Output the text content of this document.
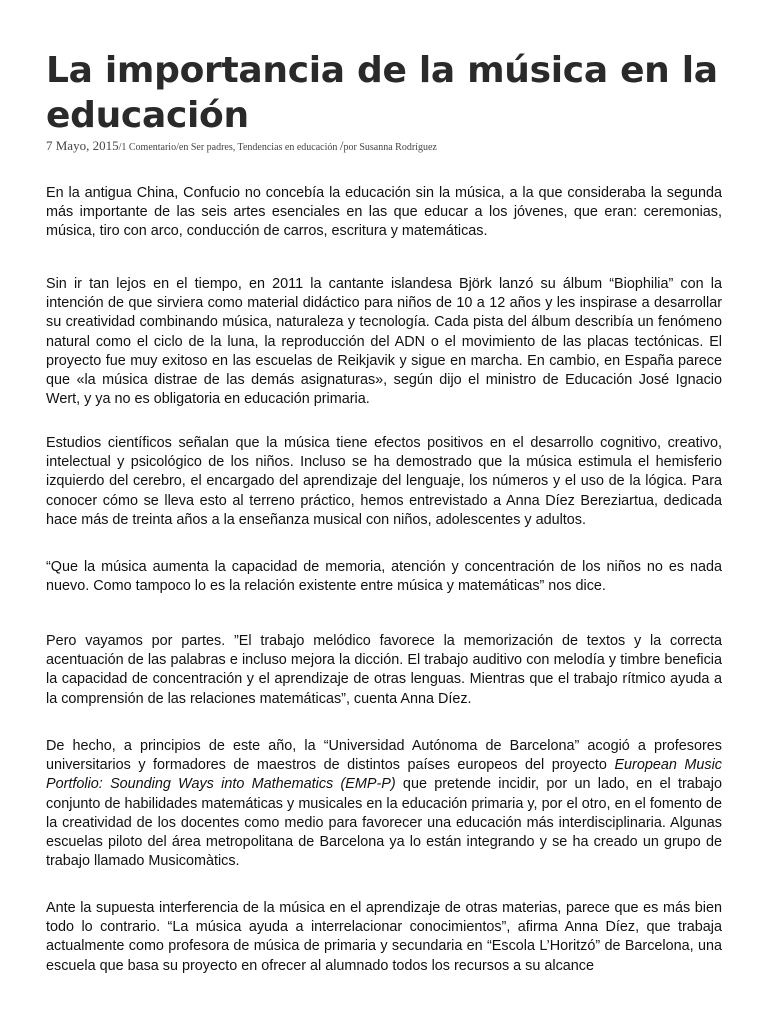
La importancia de la música en la educación
7 Mayo, 2015/1 Comentario/en Ser padres, Tendencias en educación /por Susanna Rodríguez

En la antigua China, Confucio no concebía la educación sin la música, a la que consideraba la segunda más importante de las seis artes esenciales en las que educar a los jóvenes, que eran: ceremonias, música, tiro con arco, conducción de carros, escritura y matemáticas.

Sin ir tan lejos en el tiempo, en 2011 la cantante islandesa Björk lanzó su álbum “Biophilia” con la intención de que sirviera como material didáctico para niños de 10 a 12 años y les inspirase a desarrollar su creatividad combinando música, naturaleza y tecnología. Cada pista del álbum describía un fenómeno natural como el ciclo de la luna, la reproducción del ADN o el movimiento de las placas tectónicas. El proyecto fue muy exitoso en las escuelas de Reikjavik y sigue en marcha. En cambio, en España parece que «la música distrae de las demás asignaturas», según dijo el ministro de Educación José Ignacio Wert, y ya no es obligatoria en educación primaria.

Estudios científicos señalan que la música tiene efectos positivos en el desarrollo cognitivo, creativo, intelectual y psicológico de los niños. Incluso se ha demostrado que la música estimula el hemisferio izquierdo del cerebro, el encargado del aprendizaje del lenguaje, los números y el uso de la lógica. Para conocer cómo se lleva esto al terreno práctico, hemos entrevistado a Anna Díez Bereziartua, dedicada hace más de treinta años a la enseñanza musical con niños, adolescentes y adultos.

“Que la música aumenta la capacidad de memoria, atención y concentración de los niños no es nada nuevo. Como tampoco lo es la relación existente entre música y matemáticas” nos dice.

Pero vayamos por partes. ”El trabajo melódico favorece la memorización de textos y la correcta acentuación de las palabras e incluso mejora la dicción. El trabajo auditivo con melodía y timbre beneficia la capacidad de concentración y el aprendizaje de otras lenguas. Mientras que el trabajo rítmico ayuda a la comprensión de las relaciones matemáticas”, cuenta Anna Díez.

De hecho, a principios de este año, la “Universidad Autónoma de Barcelona” acogió a profesores universitarios y formadores de maestros de distintos países europeos del proyecto European Music Portfolio: Sounding Ways into Mathematics (EMP-P) que pretende incidir, por un lado, en el trabajo conjunto de habilidades matemáticas y musicales en la educación primaria y, por el otro, en el fomento de la creatividad de los docentes como medio para favorecer una educación más interdisciplinaria. Algunas escuelas piloto del área metropolitana de Barcelona ya lo están integrando y se ha creado un grupo de trabajo llamado Musicomàtics.

Ante la supuesta interferencia de la música en el aprendizaje de otras materias, parece que es más bien todo lo contrario. “La música ayuda a interrelacionar conocimientos”, afirma Anna Díez, que trabaja actualmente como profesora de música de primaria y secundaria en “Escola L’Horitzó” de Barcelona, una escuela que basa su proyecto en ofrecer al alumnado todos los recursos a su alcance
